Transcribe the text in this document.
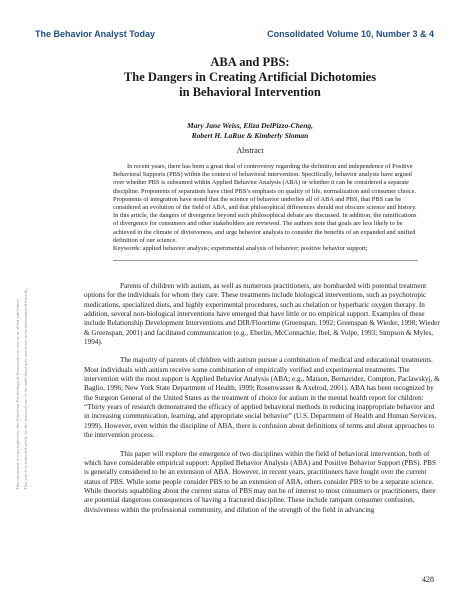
The Behavior Analyst Today	Consolidated Volume 10, Number 3 & 4
This document is copyrighted by the American Psychological Association or one of its allied publishers. This article is intended solely for the personal use of the individual user and is not to be disseminated broadly.
ABA and PBS:
The Dangers in Creating Artificial Dichotomies
in Behavioral Intervention
Mary Jane Weiss, Eliza DelPizzo-Cheng,
Robert H. LaRue & Kimberly Sloman
Abstract

In recent years, there has been a great deal of controversy regarding the definition and independence of Positive Behavioral Supports (PBS) within the context of behavioral intervention. Specifically, behavior analysts have argued over whether PBS is subsumed within Applied Behavior Analysis (ABA) or whether it can be considered a separate discipline. Proponents of separatism have cited PBS’s emphasis on quality of life, normalization and consumer choice. Proponents of integration have noted that the science of behavior underlies all of ABA and PBS, that PBS can be considered an evolution of the field of ABA, and that philosophical differences should not obscure science and history. In this article, the dangers of divergence beyond such philosophical debate are discussed. In addition, the ramifications of divergence for consumers and other stakeholders are reviewed. The authors note that goals are less likely to be achieved in the climate of divisiveness, and urge behavior analysts to consider the benefits of an expanded and unified definition of our science.

Keywords: applied behavior analysis; experimental analysis of behavior; positive behavior support;

Parents of children with autism, as well as numerous practitioners, are bombarded with potential treatment options for the individuals for whom they care. These treatments include biological interventions, such as psychotropic medications, specialized diets, and highly experimental procedures, such as chelation or hyperbaric oxygen therapy. In addition, several non-biological interventions have emerged that have little or no empirical support. Examples of these include Relationship Development Interventions and DIR/Floortime (Greenspan, 1992; Greenspan & Wieder, 1998; Wieder & Greenspan, 2001) and facilitated communication (e.g., Eberlin, McConnachie, Ibel, & Volpe, 1993; Simpson & Myles, 1994).

The majority of parents of children with autism pursue a combination of medical and educational treatments. Most individuals with autism receive some combination of empirically verified and experimental treatments. The intervention with the most support is Applied Behavior Analysis (ABA; e.g., Matson, Bernavidez, Compton, Paclawskyj, & Baglio, 1996; New York State Department of Health, 1999; Rosenwasser & Axelrod, 2001). ABA has been recognized by the Surgeon General of the United States as the treatment of choice for autism in the mental health report for children: “Thirty years of research demonstrated the efficacy of applied behavioral methods in reducing inappropriate behavior and in increasing communication, learning, and appropriate social behavior” (U.S. Department of Health and Human Services, 1999). However, even within the discipline of ABA, there is confusion about definitions of terms and about approaches to the intervention process.

This paper will explore the emergence of two disciplines within the field of behavioral intervention, both of which have considerable empirical support: Applied Behavior Analysis (ABA) and Positive Behavior Support (PBS). PBS is generally considered to be an extension of ABA. However, in recent years, practitioners have fought over the current status of PBS. While some people consider PBS to be an extension of ABA, others consider PBS to be a separate science. While theorists squabbling about the current status of PBS may not be of interest to most consumers or practitioners, there are potential dangerous consequences of having a fractured discipline. These include rampant consumer confusion, divisiveness within the professional community, and dilution of the strength of the field in advancing

428
